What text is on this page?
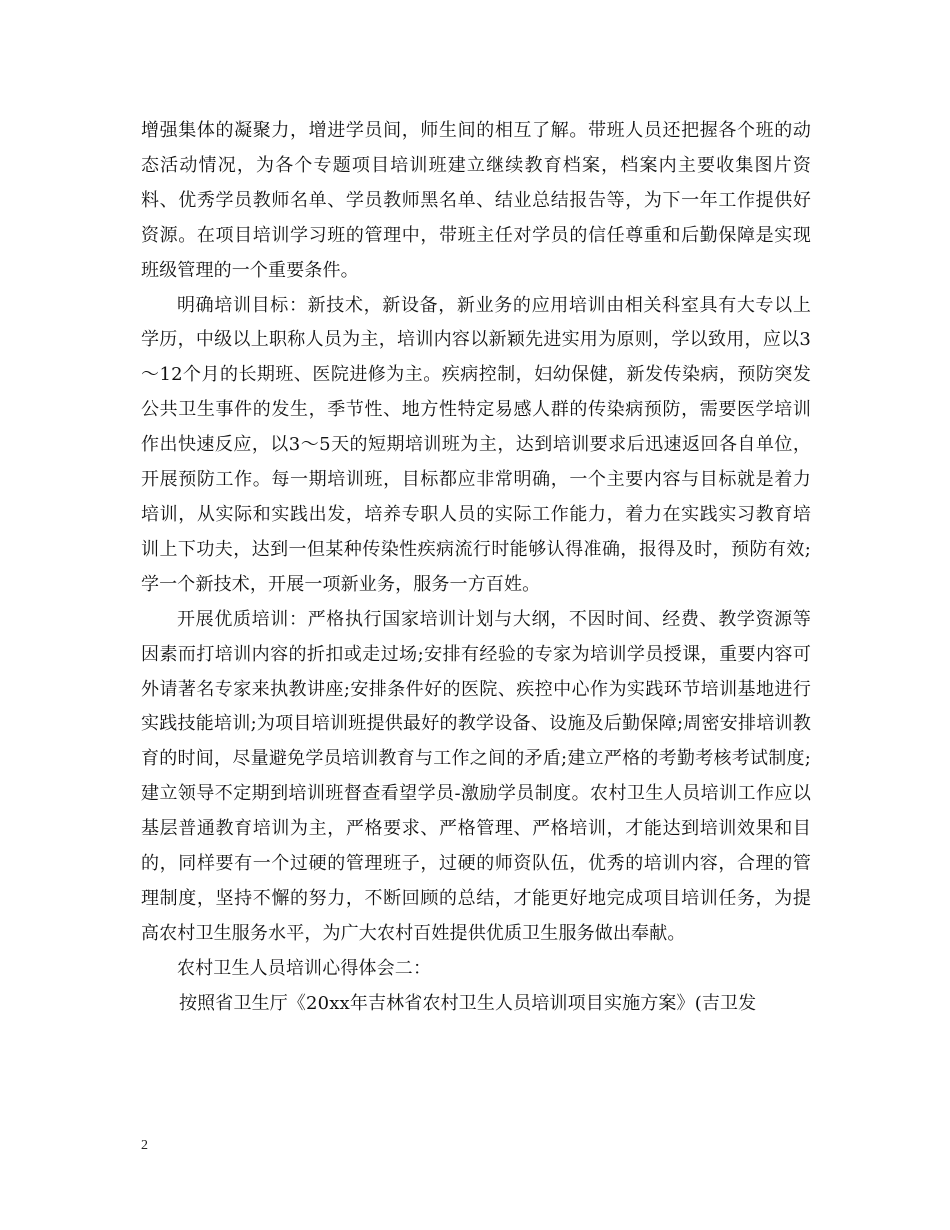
增强集体的凝聚力，增进学员间，师生间的相互了解。带班人员还把握各个班的动态活动情况，为各个专题项目培训班建立继续教育档案，档案内主要收集图片资料、优秀学员教师名单、学员教师黑名单、结业总结报告等，为下一年工作提供好资源。在项目培训学习班的管理中，带班主任对学员的信任尊重和后勤保障是实现班级管理的一个重要条件。

明确培训目标：新技术，新设备，新业务的应用培训由相关科室具有大专以上学历，中级以上职称人员为主，培训内容以新颖先进实用为原则，学以致用，应以3～12个月的长期班、医院进修为主。疾病控制，妇幼保健，新发传染病，预防突发公共卫生事件的发生，季节性、地方性特定易感人群的传染病预防，需要医学培训作出快速反应，以3～5天的短期培训班为主，达到培训要求后迅速返回各自单位，开展预防工作。每一期培训班，目标都应非常明确，一个主要内容与目标就是着力培训，从实际和实践出发，培养专职人员的实际工作能力，着力在实践实习教育培训上下功夫，达到一但某种传染性疾病流行时能够认得准确，报得及时，预防有效;学一个新技术，开展一项新业务，服务一方百姓。

开展优质培训：严格执行国家培训计划与大纲，不因时间、经费、教学资源等因素而打培训内容的折扣或走过场;安排有经验的专家为培训学员授课，重要内容可外请著名专家来执教讲座;安排条件好的医院、疾控中心作为实践环节培训基地进行实践技能培训;为项目培训班提供最好的教学设备、设施及后勤保障;周密安排培训教育的时间，尽量避免学员培训教育与工作之间的矛盾;建立严格的考勤考核考试制度;建立领导不定期到培训班督查看望学员-激励学员制度。农村卫生人员培训工作应以基层普通教育培训为主，严格要求、严格管理、严格培训，才能达到培训效果和目的，同样要有一个过硬的管理班子，过硬的师资队伍，优秀的培训内容，合理的管理制度，坚持不懈的努力，不断回顾的总结，才能更好地完成项目培训任务，为提高农村卫生服务水平，为广大农村百姓提供优质卫生服务做出奉献。

农村卫生人员培训心得体会二：

按照省卫生厅《20xx年吉林省农村卫生人员培训项目实施方案》(吉卫发

2
